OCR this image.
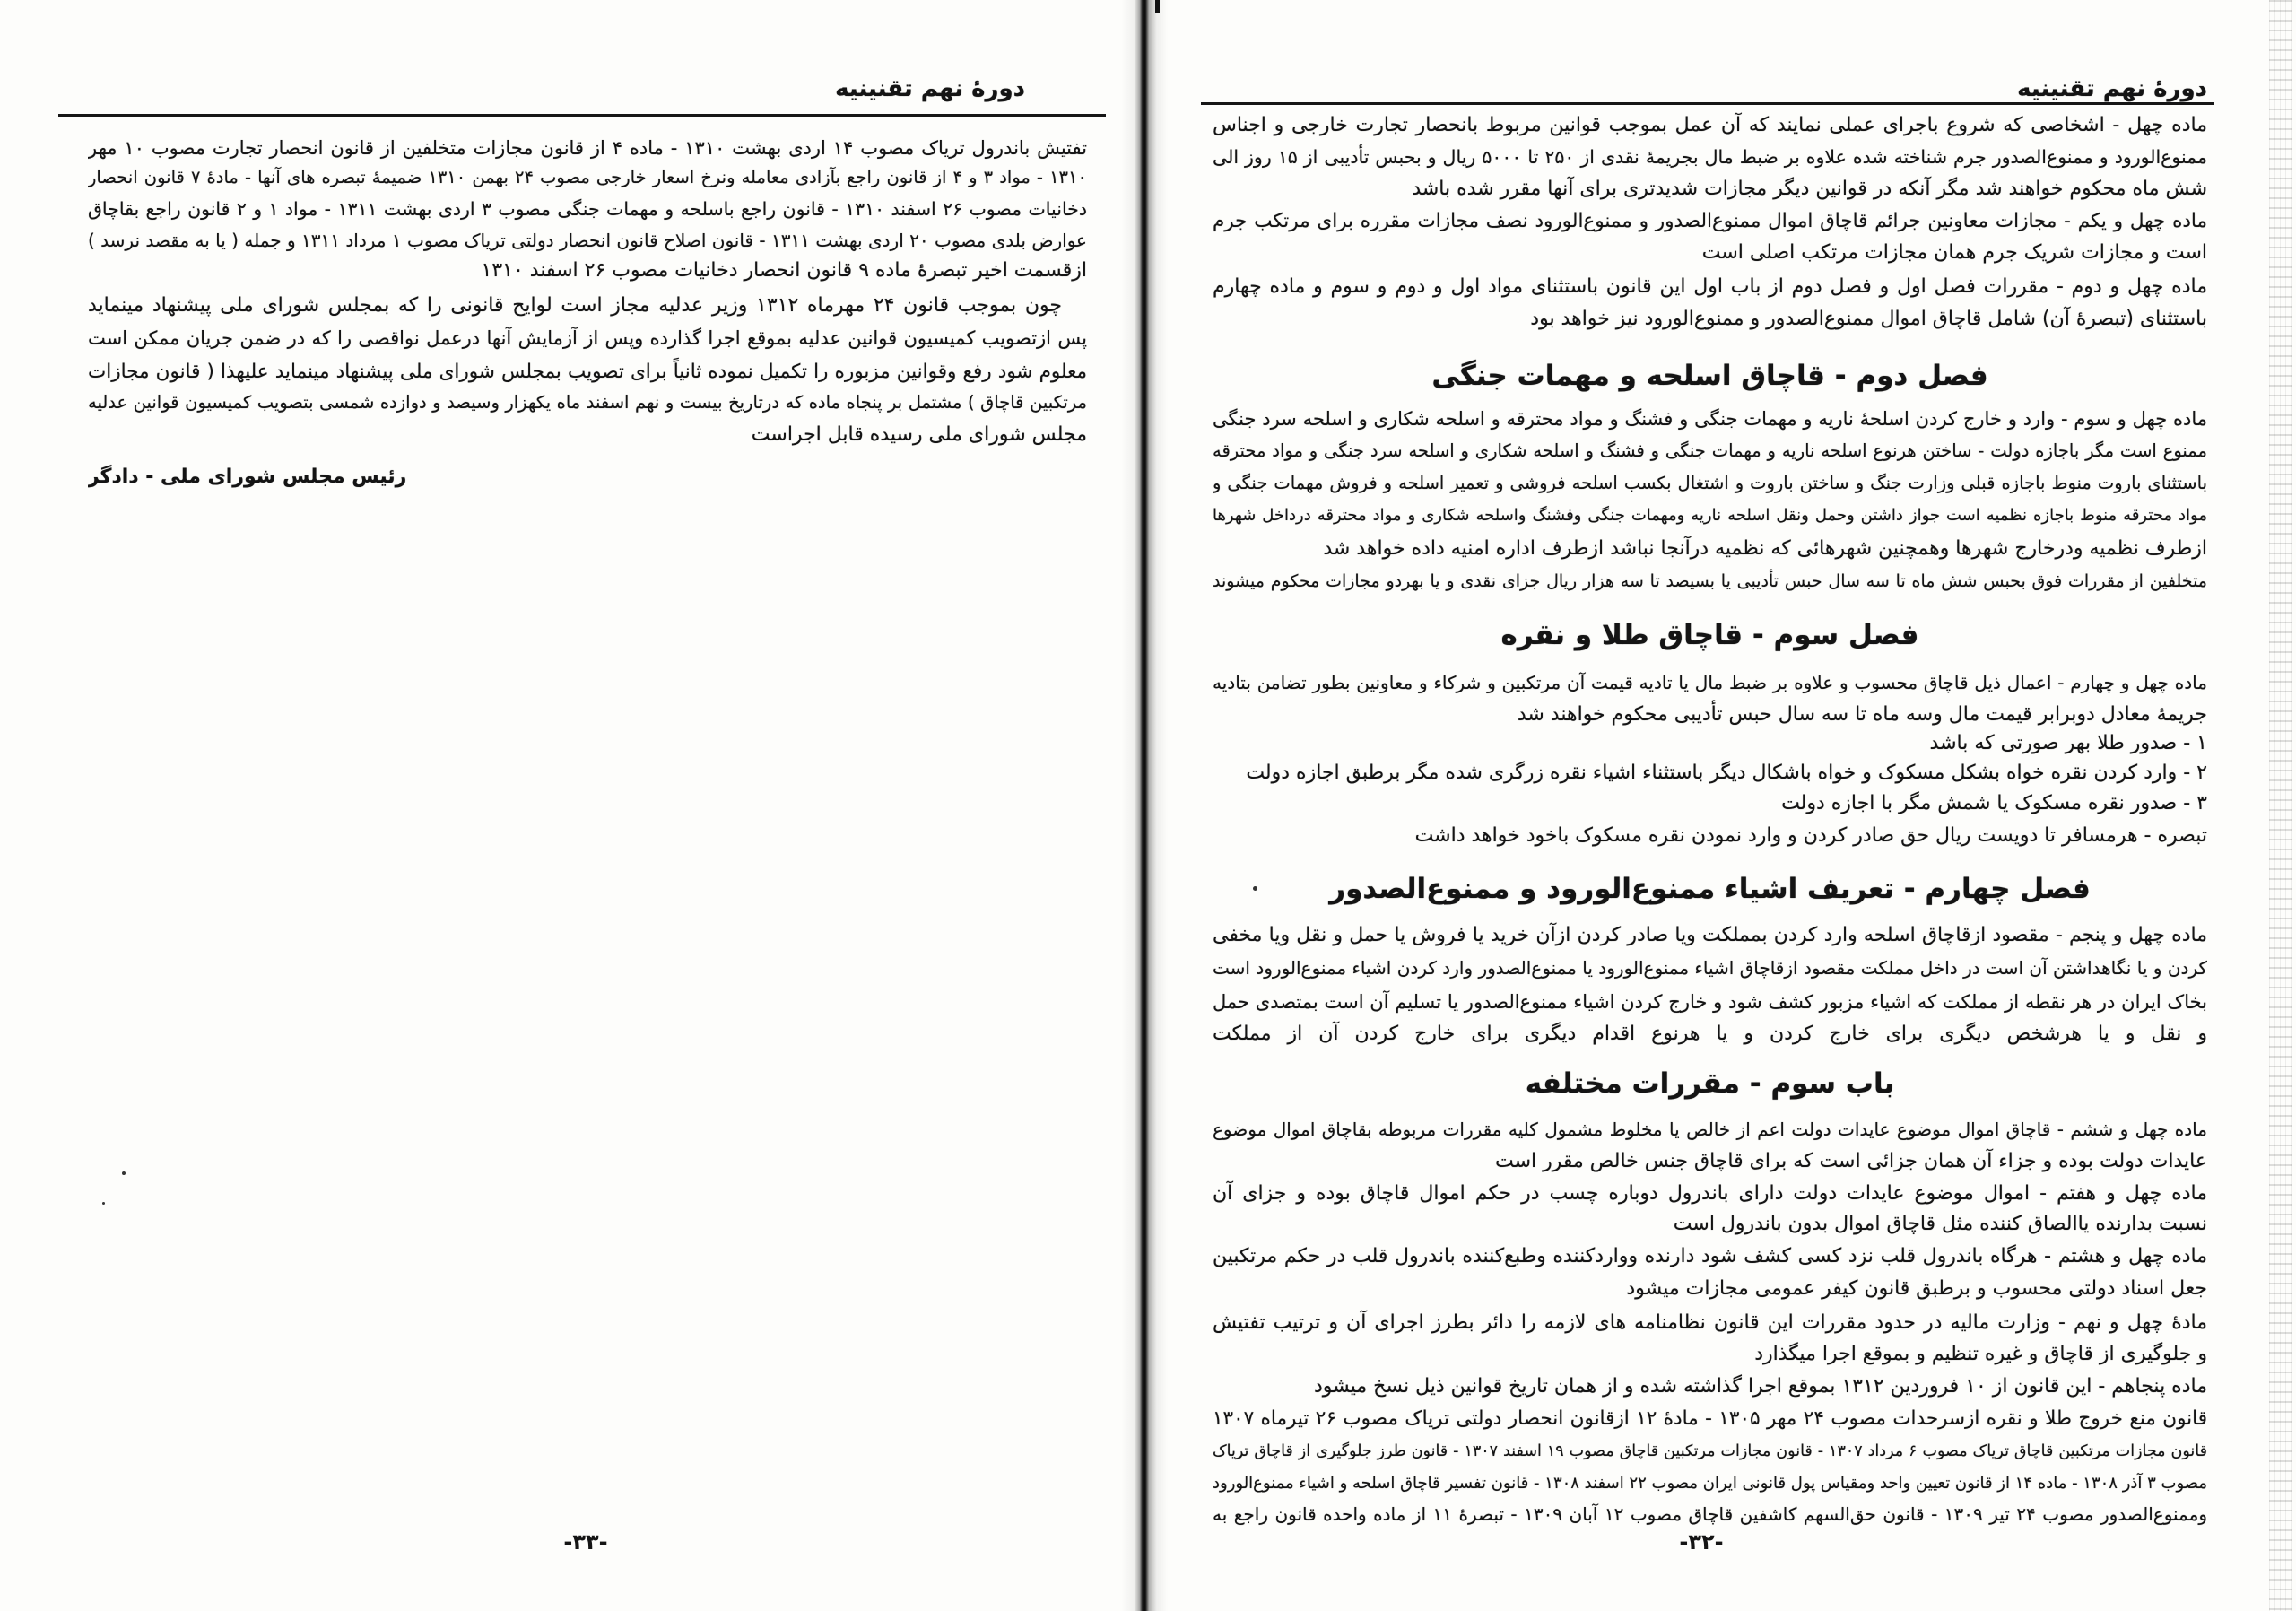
دورهٔ نهم تقنینیه
تفتیش باندرول تریاک مصوب ۱۴ اردی بهشت ۱۳۱۰ - ماده ۴ از قانون مجازات متخلفین از قانون انحصار تجارت مصوب ۱۰ مهر
۱۳۱۰ - مواد ۳ و ۴ از قانون راجع بآزادی معامله ونرخ اسعار خارجی مصوب ۲۴ بهمن ۱۳۱۰ ضمیمهٔ تبصره های آنها - مادهٔ ۷ قانون انحصار
دخانیات مصوب ۲۶ اسفند ۱۳۱۰ - قانون راجع باسلحه و مهمات جنگی مصوب ۳ اردی بهشت ۱۳۱۱ - مواد ۱ و ۲ قانون راجع بقاچاق
عوارض بلدی مصوب ۲۰ اردی بهشت ۱۳۱۱ - قانون اصلاح قانون انحصار دولتی تریاک مصوب ۱ مرداد ۱۳۱۱ و جمله ( یا به مقصد نرسد )
ازقسمت اخیر تبصرهٔ ماده ۹ قانون انحصار دخانیات مصوب ۲۶ اسفند ۱۳۱۰
چون بموجب قانون ۲۴ مهرماه ۱۳۱۲ وزیر عدلیه مجاز است لوایح قانونی را که بمجلس شورای ملی پیشنهاد مینماید
پس ازتصویب کمیسیون قوانین عدلیه بموقع اجرا گذارده وپس از آزمایش آنها درعمل نواقصی را که در ضمن جریان ممکن است
معلوم شود رفع وقوانین مزبوره را تکمیل نموده ثانیاً برای تصویب بمجلس شورای ملی پیشنهاد مینماید علیهذا ( قانون مجازات
مرتکبین قاچاق ) مشتمل بر پنجاه ماده که درتاریخ بیست و نهم اسفند ماه یکهزار وسیصد و دوازده شمسی بتصویب کمیسیون قوانین عدلیه
مجلس شورای ملی رسیده قابل اجراست
رئیس مجلس شورای ملی - دادگر
-۳۳-
دورهٔ نهم تقنینیه
ماده چهل - اشخاصی که شروع باجرای عملی نمایند که آن عمل بموجب قوانین مربوط بانحصار تجارت خارجی و اجناس
ممنوع‌الورود و ممنوع‌الصدور جرم شناخته شده علاوه بر ضبط مال بجریمهٔ نقدی از ۲۵۰ تا ۵۰۰۰ ریال و بحبس تأدیبی از ۱۵ روز الی
شش ماه محکوم خواهند شد مگر آنکه در قوانین دیگر مجازات شدیدتری برای آنها مقرر شده باشد
ماده چهل و یکم - مجازات معاونین جرائم قاچاق اموال ممنوع‌الصدور و ممنوع‌الورود نصف مجازات مقرره برای مرتکب جرم
است و مجازات شریک جرم همان مجازات مرتکب اصلی است
ماده چهل و دوم - مقررات فصل اول و فصل دوم از باب اول این قانون باستثنای مواد اول و دوم و سوم و ماده چهارم
باستثنای (تبصرهٔ آن) شامل قاچاق اموال ممنوع‌الصدور و ممنوع‌الورود نیز خواهد بود
فصل دوم - قاچاق اسلحه و مهمات جنگی
ماده چهل و سوم - وارد و خارج کردن اسلحهٔ ناریه و مهمات جنگی و فشنگ و مواد محترقه و اسلحه شکاری و اسلحه سرد جنگی
ممنوع است مگر باجازه دولت - ساختن هرنوع اسلحه ناریه و مهمات جنگی و فشنگ و اسلحه شکاری و اسلحه سرد جنگی و مواد محترقه
باستثنای باروت منوط باجازه قبلی وزارت جنگ و ساختن باروت و اشتغال بکسب اسلحه فروشی و تعمیر اسلحه و فروش مهمات جنگی و
مواد محترقه منوط باجازه نظمیه است جواز داشتن وحمل ونقل اسلحه ناریه ومهمات جنگی وفشنگ واسلحه شکاری و مواد محترقه درداخل شهرها
ازطرف نظمیه ودرخارج شهرها وهمچنین شهرهائی که نظمیه درآنجا نباشد ازطرف اداره امنیه داده خواهد شد
متخلفین از مقررات فوق بحبس شش ماه تا سه سال حبس تأدیبی یا بسیصد تا سه هزار ریال جزای نقدی و یا بهردو مجازات محکوم میشوند
فصل سوم - قاچاق طلا و نقره
ماده چهل و چهارم - اعمال ذیل قاچاق محسوب و علاوه بر ضبط مال یا تادیه قیمت آن مرتکبین و شرکاء و معاونین بطور تضامن بتادیه
جریمهٔ معادل دوبرابر قیمت مال وسه ماه تا سه سال حبس تأدیبی محکوم خواهند شد
۱ - صدور طلا بهر صورتی که باشد
۲ - وارد کردن نقره خواه بشکل مسکوک و خواه باشکال دیگر باستثناء اشیاء نقره زرگری شده مگر برطبق اجازه دولت
۳ - صدور نقره مسکوک یا شمش مگر با اجازه دولت
تبصره - هرمسافر تا دویست ریال حق صادر کردن و وارد نمودن نقره مسکوک باخود خواهد داشت
فصل چهارم - تعریف اشیاء ممنوع‌الورود و ممنوع‌الصدور
ماده چهل و پنجم - مقصود ازقاچاق اسلحه وارد کردن بمملکت ویا صادر کردن ازآن خرید یا فروش یا حمل و نقل ویا مخفی
کردن و یا نگاهداشتن آن است در داخل مملکت مقصود ازقاچاق اشیاء ممنوع‌الورود یا ممنوع‌الصدور وارد کردن اشیاء ممنوع‌الورود است
بخاک ایران در هر نقطه از مملکت که اشیاء مزبور کشف شود و خارج کردن اشیاء ممنوع‌الصدور یا تسلیم آن است بمتصدی حمل
و نقل و یا هرشخص دیگری برای خارج کردن و یا هرنوع اقدام دیگری برای خارج کردن آن از مملکت
باب سوم - مقررات مختلفه
ماده چهل و ششم - قاچاق اموال موضوع عایدات دولت اعم از خالص یا مخلوط مشمول کلیه مقررات مربوطه بقاچاق اموال موضوع
عایدات دولت بوده و جزاء آن همان جزائی است که برای قاچاق جنس خالص مقرر است
ماده چهل و هفتم - اموال موضوع عایدات دولت دارای باندرول دوباره چسب در حکم اموال قاچاق بوده و جزای آن
نسبت بدارنده یاالصاق کننده مثل قاچاق اموال بدون باندرول است
ماده چهل و هشتم - هرگاه باندرول قلب نزد کسی کشف شود دارنده وواردکننده وطبع‌کننده باندرول قلب در حکم مرتکبین
جعل اسناد دولتی محسوب و برطبق قانون کیفر عمومی مجازات میشود
مادهٔ چهل و نهم - وزارت مالیه در حدود مقررات این قانون نظامنامه های لازمه را دائر بطرز اجرای آن و ترتیب تفتیش
و جلوگیری از قاچاق و غیره تنظیم و بموقع اجرا میگذارد
ماده پنجاهم - این قانون از ۱۰ فروردین ۱۳۱۲ بموقع اجرا گذاشته شده و از همان تاریخ قوانین ذیل نسخ میشود
قانون منع خروج طلا و نقره ازسرحدات مصوب ۲۴ مهر ۱۳۰۵ - مادهٔ ۱۲ ازقانون انحصار دولتی تریاک مصوب ۲۶ تیرماه ۱۳۰۷
قانون مجازات مرتکبین قاچاق تریاک مصوب ۶ مرداد ۱۳۰۷ - قانون مجازات مرتکبین قاچاق مصوب ۱۹ اسفند ۱۳۰۷ - قانون طرز جلوگیری از قاچاق تریاک
مصوب ۳ آذر ۱۳۰۸ - ماده ۱۴ از قانون تعیین واحد ومقیاس پول قانونی ایران مصوب ۲۲ اسفند ۱۳۰۸ - قانون تفسیر قاچاق اسلحه و اشیاء ممنوع‌الورود
وممنوع‌الصدور مصوب ۲۴ تیر ۱۳۰۹ - قانون حق‌السهم کاشفین قاچاق مصوب ۱۲ آبان ۱۳۰۹ - تبصرهٔ ۱۱ از ماده واحده قانون راجع به
-۳۲-
